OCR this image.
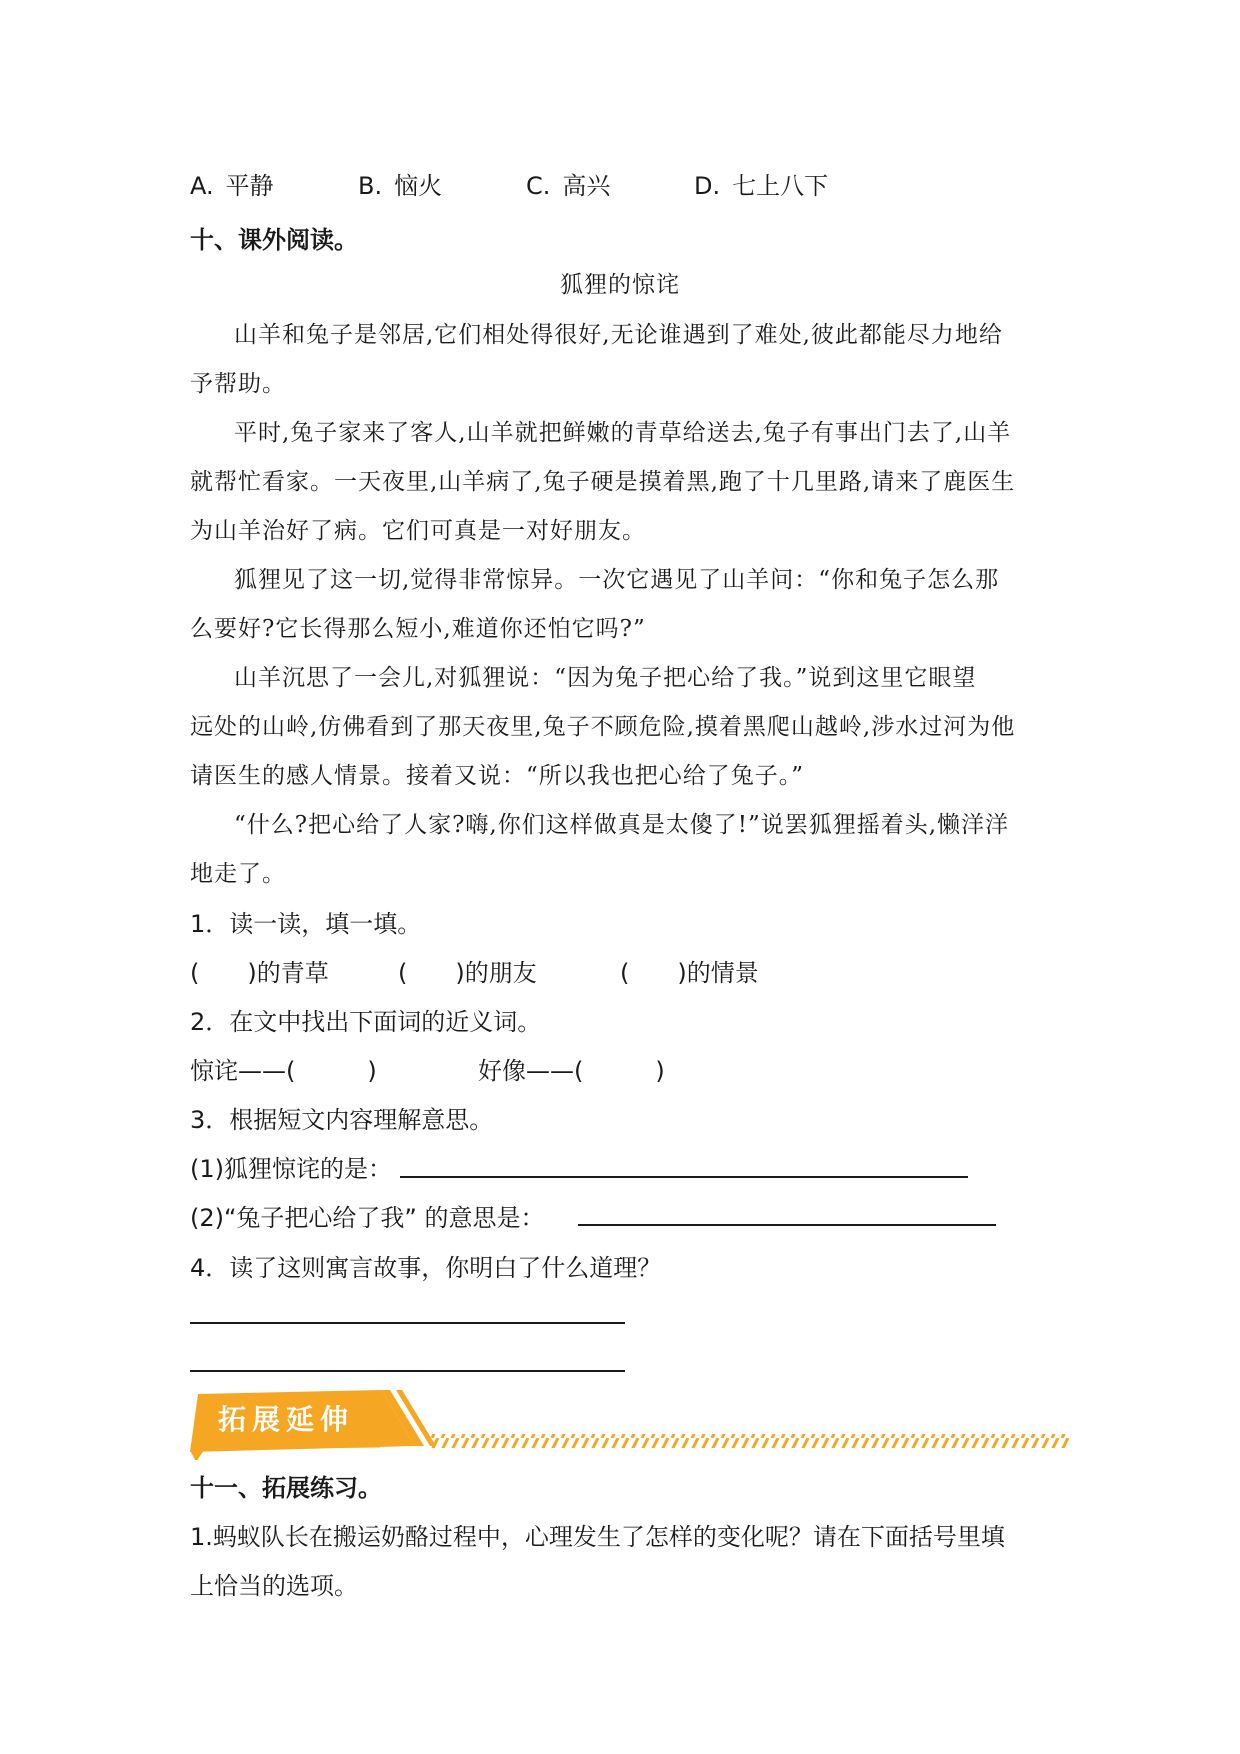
A. 平静	B. 恼火	C. 高兴	D. 七上八下
十、课外阅读。
狐狸的惊诧
山羊和兔子是邻居,它们相处得很好,无论谁遇到了难处,彼此都能尽力地给
予帮助。
平时,兔子家来了客人,山羊就把鲜嫩的青草给送去,兔子有事出门去了,山羊
就帮忙看家。一天夜里,山羊病了,兔子硬是摸着黑,跑了十几里路,请来了鹿医生
为山羊治好了病。它们可真是一对好朋友。
狐狸见了这一切,觉得非常惊异。一次它遇见了山羊问：“你和兔子怎么那
么要好?它长得那么短小,难道你还怕它吗?”
山羊沉思了一会儿,对狐狸说：“因为兔子把心给了我。”说到这里它眼望
远处的山岭,仿佛看到了那天夜里,兔子不顾危险,摸着黑爬山越岭,涉水过河为他
请医生的感人情景。接着又说：“所以我也把心给了兔子。”
“什么?把心给了人家?嗨,你们这样做真是太傻了!”说罢狐狸摇着头,懒洋洋
地走了。
1．读一读，填一填。
(　　)的青草	(　　)的朋友	(　　)的情景
2．在文中找出下面词的近义词。
惊诧——(　　　)	好像——(　　　)
3．根据短文内容理解意思。
(1)狐狸惊诧的是：
(2)“兔子把心给了我” 的意思是：
4．读了这则寓言故事，你明白了什么道理？
拓展延伸
十一、拓展练习。
1.蚂蚁队长在搬运奶酪过程中，心理发生了怎样的变化呢？请在下面括号里填
上恰当的选项。
